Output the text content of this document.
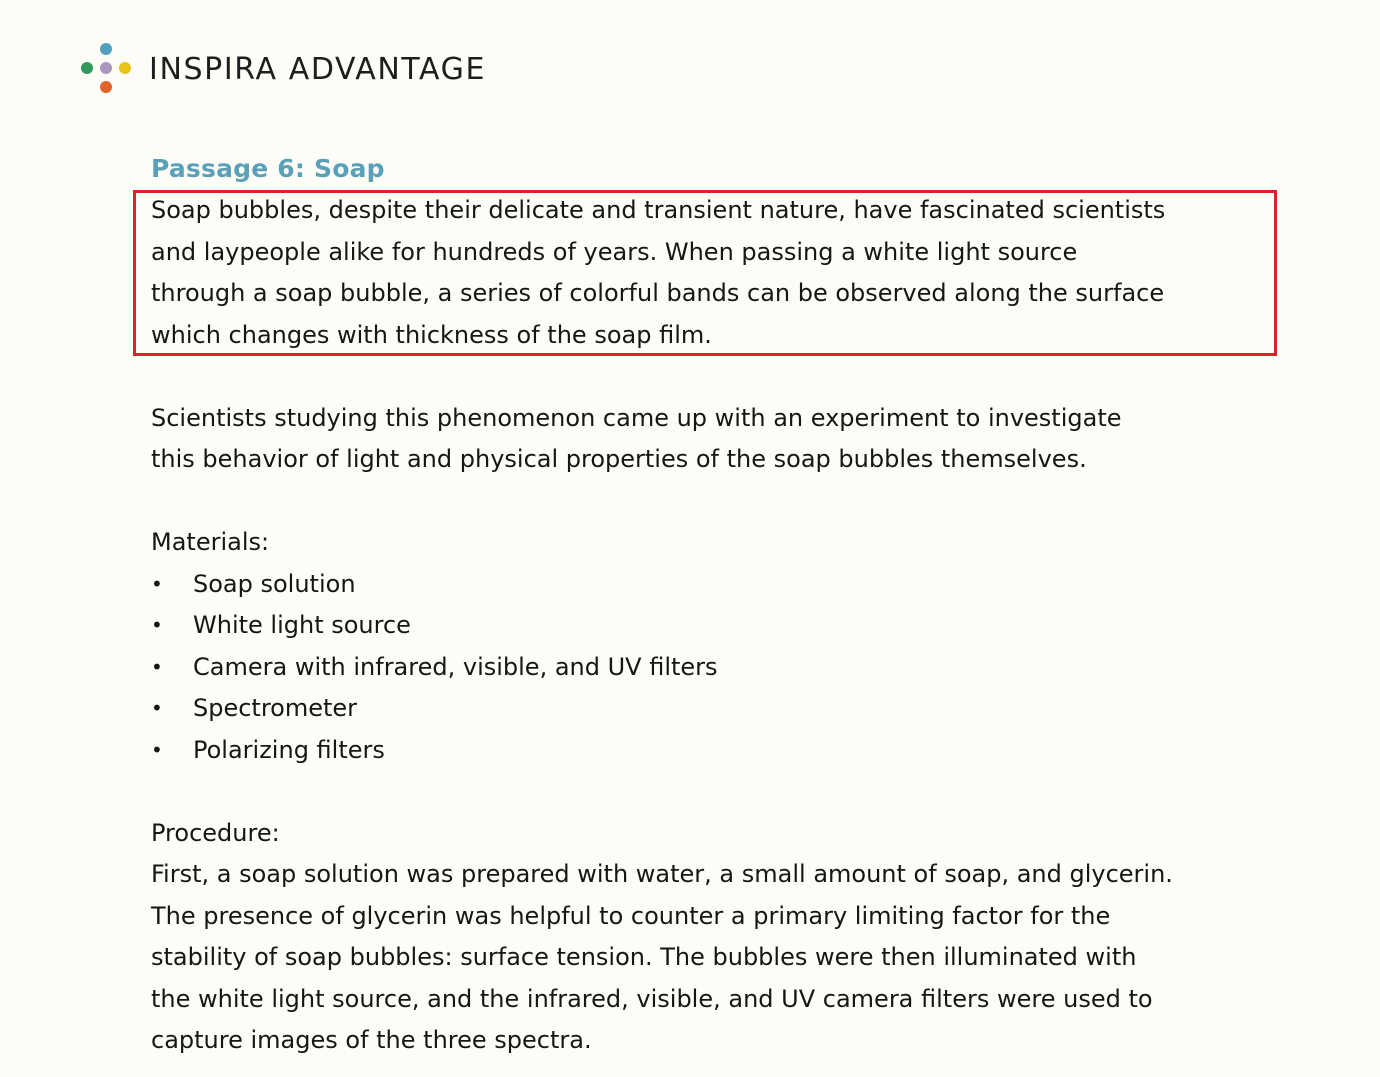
INSPIRA ADVANTAGE
Passage 6: Soap

Soap bubbles, despite their delicate and transient nature, have fascinated scientists
and laypeople alike for hundreds of years. When passing a white light source
through a soap bubble, a series of colorful bands can be observed along the surface
which changes with thickness of the soap film.

Scientists studying this phenomenon came up with an experiment to investigate
this behavior of light and physical properties of the soap bubbles themselves.

Materials:
•	Soap solution
•	White light source
•	Camera with infrared, visible, and UV filters
•	Spectrometer
•	Polarizing filters
Procedure:

First, a soap solution was prepared with water, a small amount of soap, and glycerin.
The presence of glycerin was helpful to counter a primary limiting factor for the
stability of soap bubbles: surface tension. The bubbles were then illuminated with
the white light source, and the infrared, visible, and UV camera filters were used to
capture images of the three spectra.
